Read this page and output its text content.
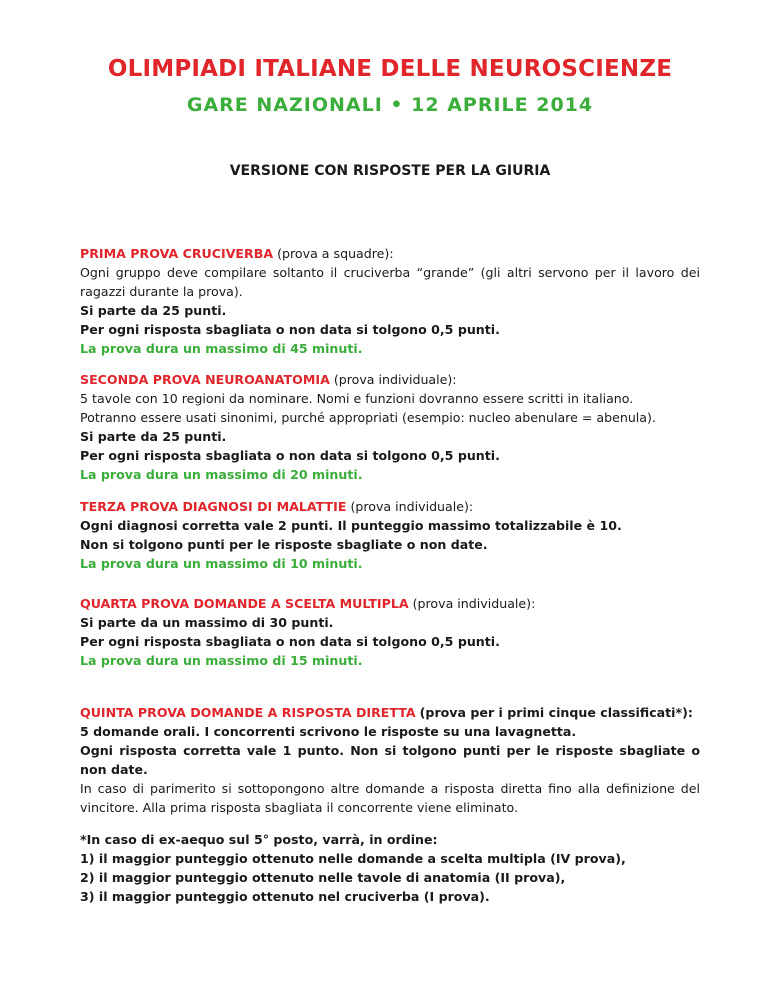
OLIMPIADI ITALIANE DELLE NEUROSCIENZE
GARE NAZIONALI • 12 APRILE 2014
VERSIONE CON RISPOSTE PER LA GIURIA
PRIMA PROVA CRUCIVERBA (prova a squadre):
Ogni gruppo deve compilare soltanto il cruciverba “grande” (gli altri servono per il lavoro dei ragazzi durante la prova).
Si parte da 25 punti.
Per ogni risposta sbagliata o non data si tolgono 0,5 punti.
La prova dura un massimo di 45 minuti.
SECONDA PROVA NEUROANATOMIA (prova individuale):
5 tavole con 10 regioni da nominare. Nomi e funzioni dovranno essere scritti in italiano.
Potranno essere usati sinonimi, purché appropriati (esempio: nucleo abenulare = abenula).
Si parte da 25 punti.
Per ogni risposta sbagliata o non data si tolgono 0,5 punti.
La prova dura un massimo di 20 minuti.
TERZA PROVA DIAGNOSI DI MALATTIE (prova individuale):
Ogni diagnosi corretta vale 2 punti. Il punteggio massimo totalizzabile è 10.
Non si tolgono punti per le risposte sbagliate o non date.
La prova dura un massimo di 10 minuti.
QUARTA PROVA DOMANDE A SCELTA MULTIPLA (prova individuale):
Si parte da un massimo di 30 punti.
Per ogni risposta sbagliata o non data si tolgono 0,5 punti.
La prova dura un massimo di 15 minuti.
QUINTA PROVA DOMANDE A RISPOSTA DIRETTA (prova per i primi cinque classificati*):
5 domande orali. I concorrenti scrivono le risposte su una lavagnetta.
Ogni risposta corretta vale 1 punto. Non si tolgono punti per le risposte sbagliate o non date.
In caso di parimerito si sottopongono altre domande a risposta diretta fino alla definizione del vincitore. Alla prima risposta sbagliata il concorrente viene eliminato.
*In caso di ex-aequo sul 5° posto, varrà, in ordine:
1) il maggior punteggio ottenuto nelle domande a scelta multipla (IV prova),
2) il maggior punteggio ottenuto nelle tavole di anatomia (II prova),
3) il maggior punteggio ottenuto nel cruciverba (I prova).
